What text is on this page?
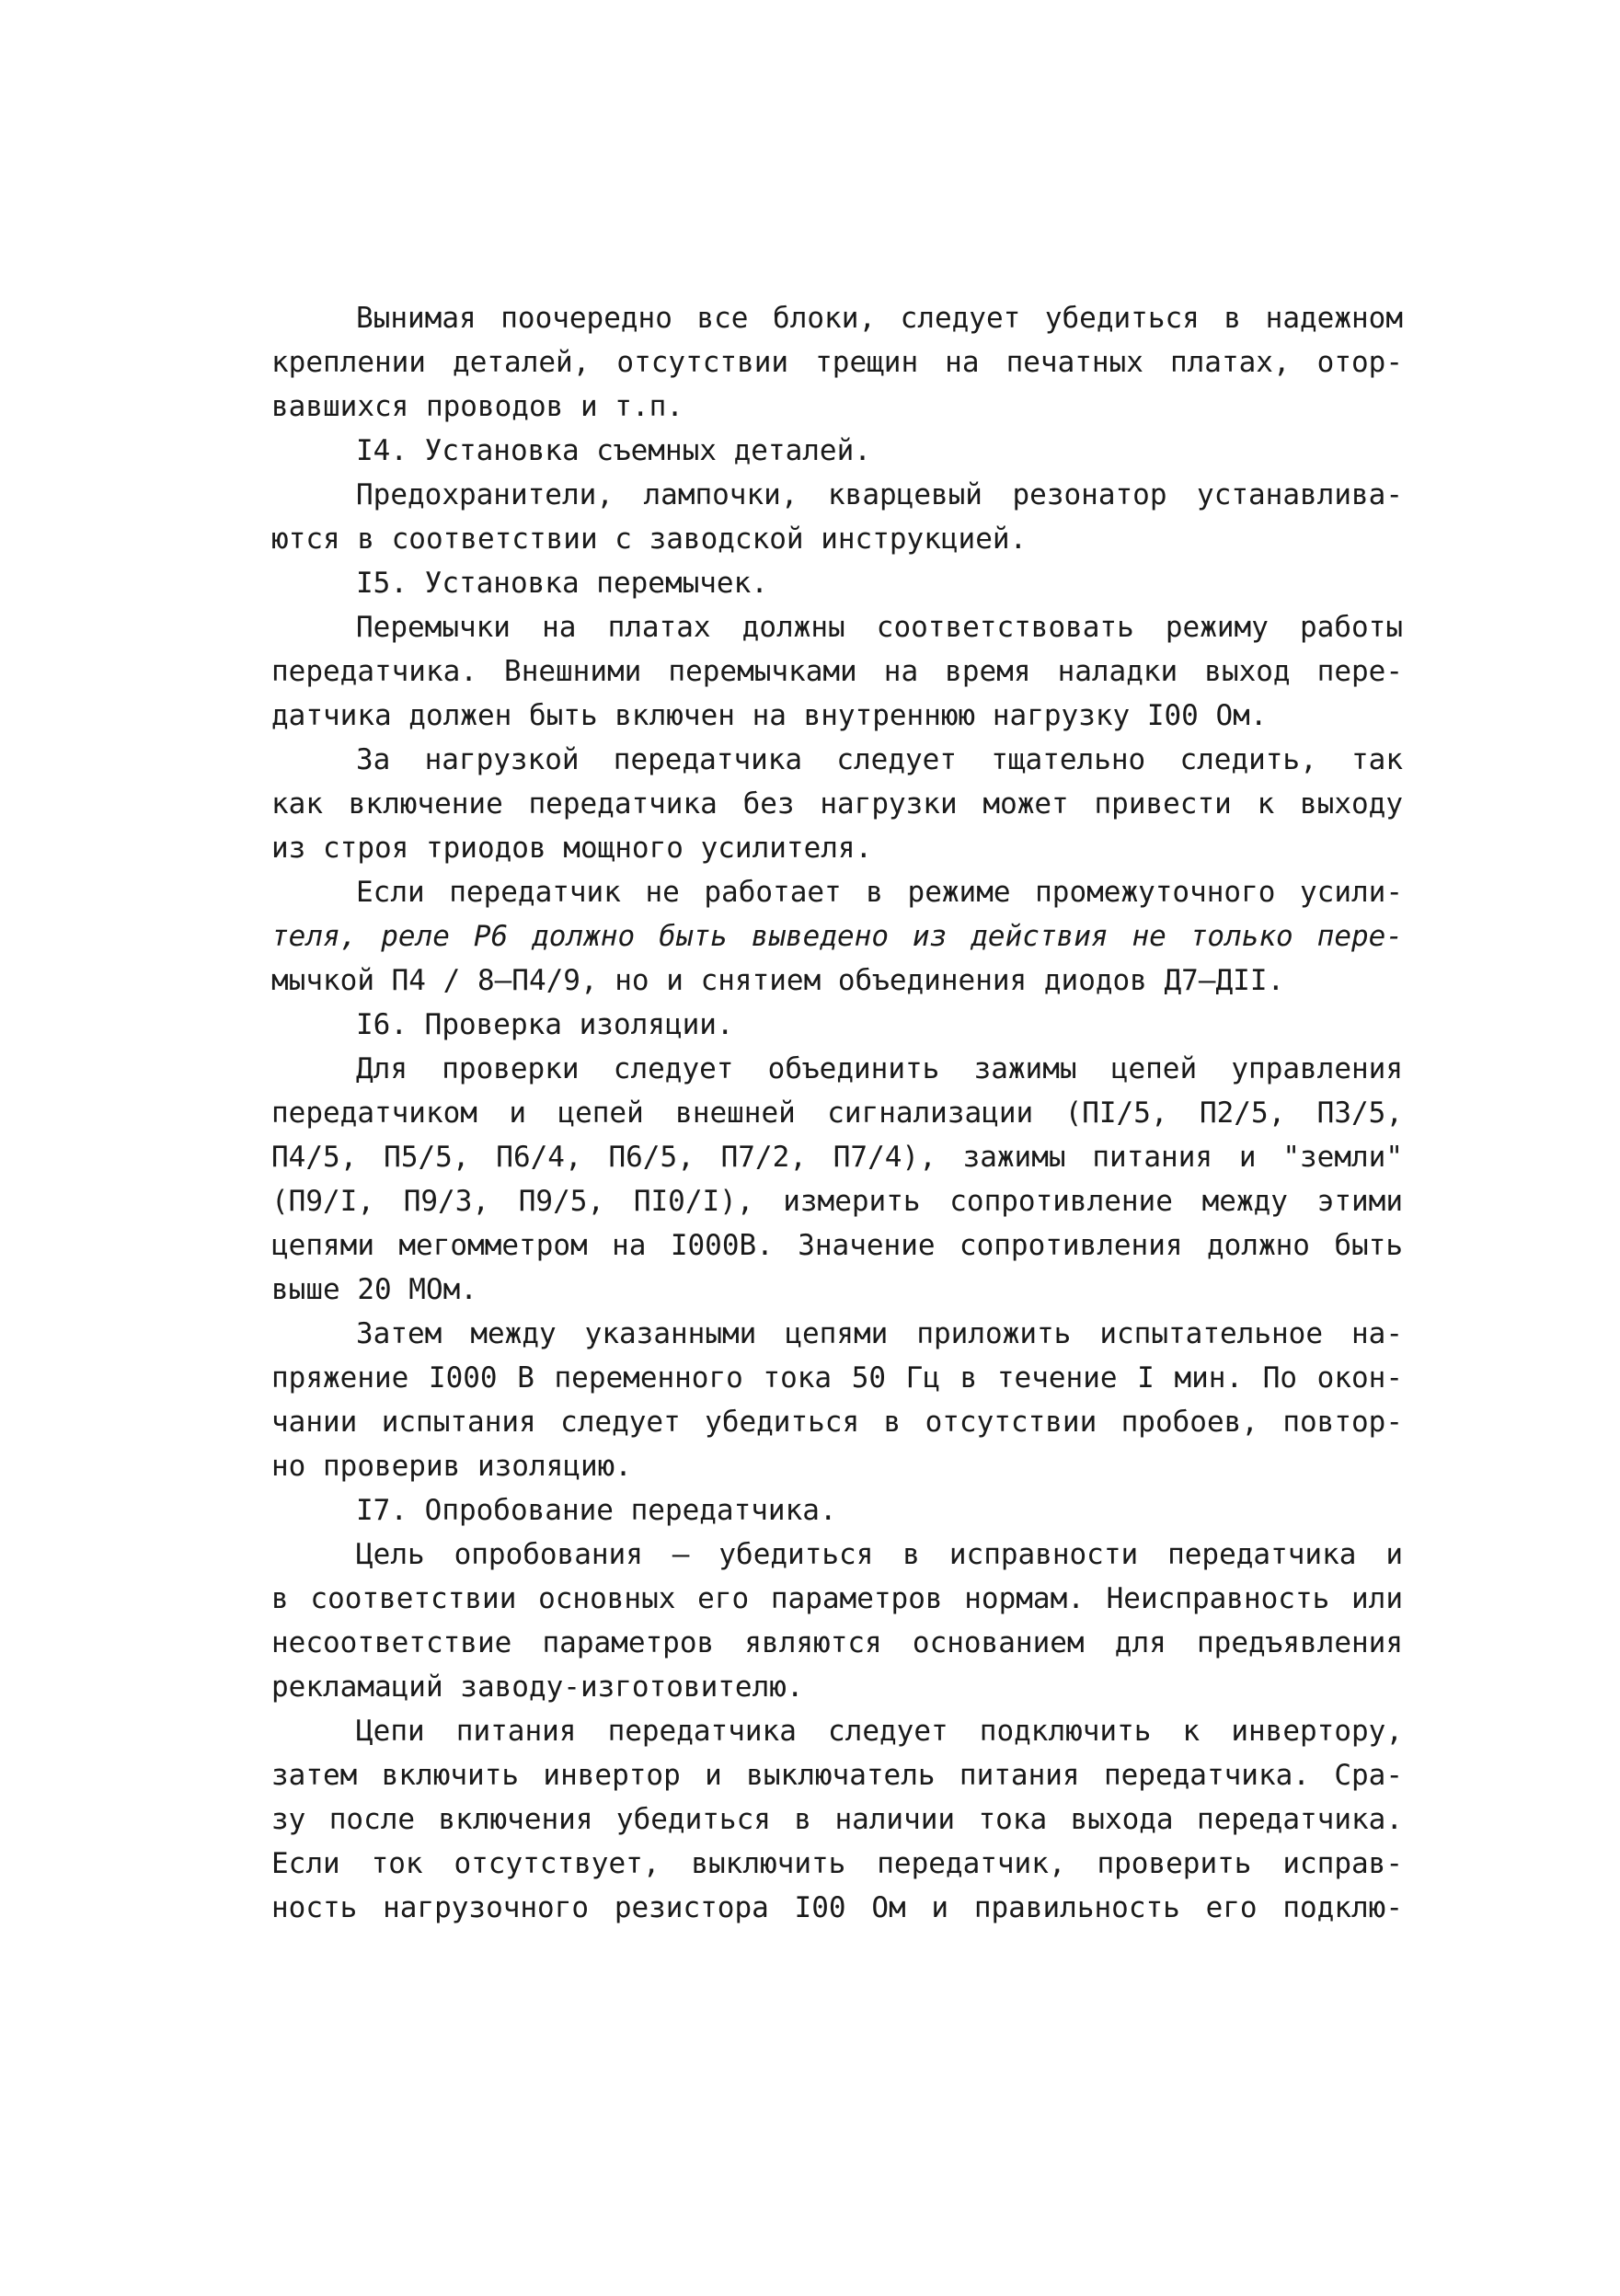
Вынимая поочередно все блоки, следует убедиться в надежном
креплении деталей, отсутствии трещин на печатных платах, отор-
вавшихся проводов и т.п.
I4. Установка съемных деталей.
Предохранители, лампочки, кварцевый резонатор устанавлива-
ются в соответствии с заводской инструкцией.
I5. Установка перемычек.
Перемычки на платах должны соответствовать режиму работы
передатчика. Внешними перемычками на время наладки выход пере-
датчика должен быть включен на внутреннюю нагрузку I00 Ом.
За нагрузкой передатчика следует тщательно следить, так
как включение передатчика без нагрузки может привести к выходу
из строя триодов мощного усилителя.
Если передатчик не работает в режиме промежуточного усили-
теля, реле Р6 должно быть выведено из действия не только пере-
мычкой П4 / 8–П4/9, но и снятием объединения диодов Д7–ДII.
I6. Проверка изоляции.
Для проверки следует объединить зажимы цепей управления
передатчиком и цепей внешней сигнализации (ПI/5, П2/5, П3/5,
П4/5, П5/5, П6/4, П6/5, П7/2, П7/4), зажимы питания и "земли"
(П9/I, П9/3, П9/5, ПI0/I), измерить сопротивление между этими
цепями мегомметром на I000В. Значение сопротивления должно быть
выше 20 МОм.
Затем между указанными цепями приложить испытательное на-
пряжение I000 В переменного тока 50 Гц в течение I мин. По окон-
чании испытания следует убедиться в отсутствии пробоев, повтор-
но проверив изоляцию.
I7. Опробование передатчика.
Цель опробования – убедиться в исправности передатчика и
в соответствии основных его параметров нормам. Неисправность или
несоответствие параметров являются основанием для предъявления
рекламаций заводу-изготовителю.
Цепи питания передатчика следует подключить к инвертору,
затем включить инвертор и выключатель питания передатчика. Сра-
зу после включения убедиться в наличии тока выхода передатчика.
Если ток отсутствует, выключить передатчик, проверить исправ-
ность нагрузочного резистора I00 Ом и правильность его подклю-
